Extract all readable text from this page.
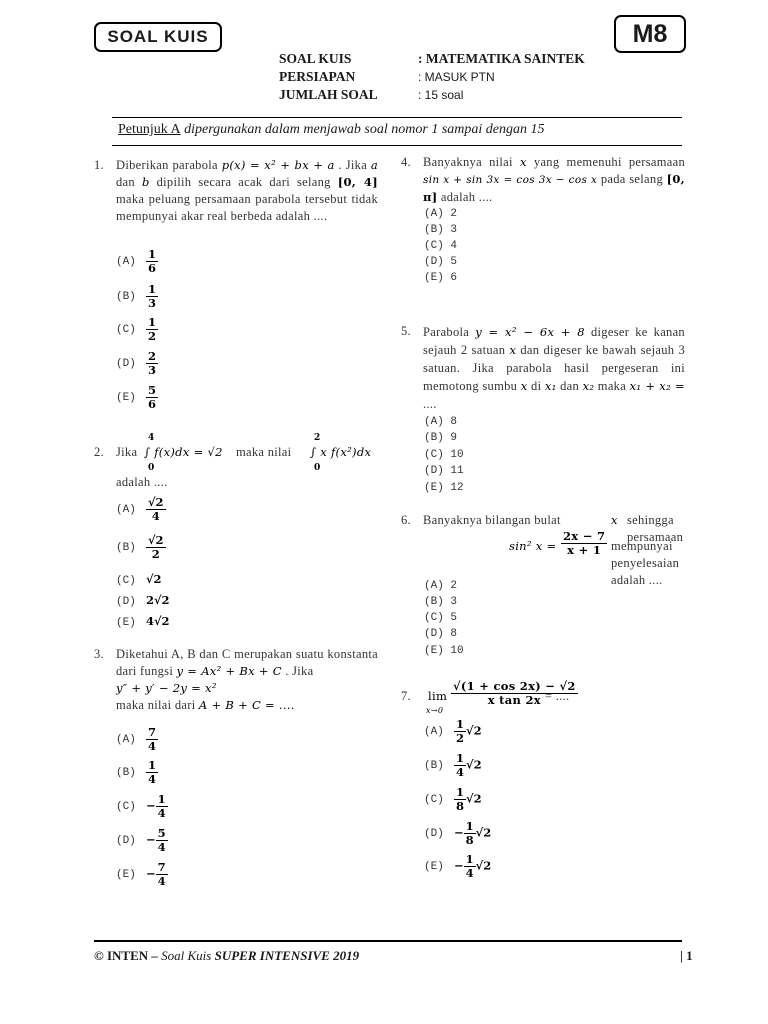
SOAL KUIS	M8
SOAL KUIS	: MATEMATIKA SAINTEK
PERSIAPAN	: MASUK PTN
JUMLAH SOAL	: 15 soal
Petunjuk A dipergunakan dalam menjawab soal nomor 1 sampai dengan 15
1. Diberikan parabola p(x) = x² + bx + a . Jika a dan b dipilih secara acak dari selang [0, 4] maka peluang persamaan parabola tersebut tidak mempunyai akar real berbeda adalah ....
$(A) \frac{1}{6}$
$(B) \frac{1}{3}$
$(C) \frac{1}{2}$
$(D) \frac{2}{3}$
$(E) \frac{5}{6}$
2. Jika
4
∫ f(x)dx = √2
0
maka nilai
2
∫ x f(x²)dx
0
adalah ....
$(A) \frac{√2}{4}$
$(B) \frac{√2}{2}$
(C) √2
(D) 2√2
(E) 4√2
3. Diketahui A, B dan C merupakan suatu konstanta dari fungsi y = Ax² + Bx + C . Jika
y″ + y′ − 2y = x²
maka nilai dari A + B + C = ....
$(A) \frac{7}{4}$
$(B) \frac{1}{4}$
$(C) - \frac{1}{4}$
$(D) - \frac{5}{4}$
$(E) - \frac{7}{4}$
4. Banyaknya nilai x yang memenuhi persamaan sin x + sin 3x = cos 3x − cos x pada selang [0, π] adalah ....
(A) 2
(B) 3
(C) 4
(D) 5
(E) 6
5. Parabola y = x² − 6x + 8 digeser ke kanan sejauh 2 satuan x dan digeser ke bawah sejauh 3 satuan. Jika parabola hasil pergeseran ini memotong sumbu x di x₁ dan x₂ maka x₁ + x₂ = ....
(A) 8
(B) 9
(C) 10
(D) 11
(E) 12
6. Banyaknya bilangan bulat	x sehingga persamaan
sin² $x = \frac{2x - 7}{x + 1}$ mempunyai penyelesaian adalah ....
(A) 2
(B) 3
(C) 5
(D) 8
(E) 10
7.	lim
x→0
$\frac{√(1 + \cos 2x) - √2}{\text{x tan 2x}}$
= ....
$(A) \frac{1}{2} √2$
$(B) \frac{1}{4} √2$
$(C) \frac{1}{8} √2$
$(D) - \frac{1}{8} √2$
$(E) - \frac{1}{4} √2$
© INTEN – Soal Kuis SUPER INTENSIVE 2019	| 1
